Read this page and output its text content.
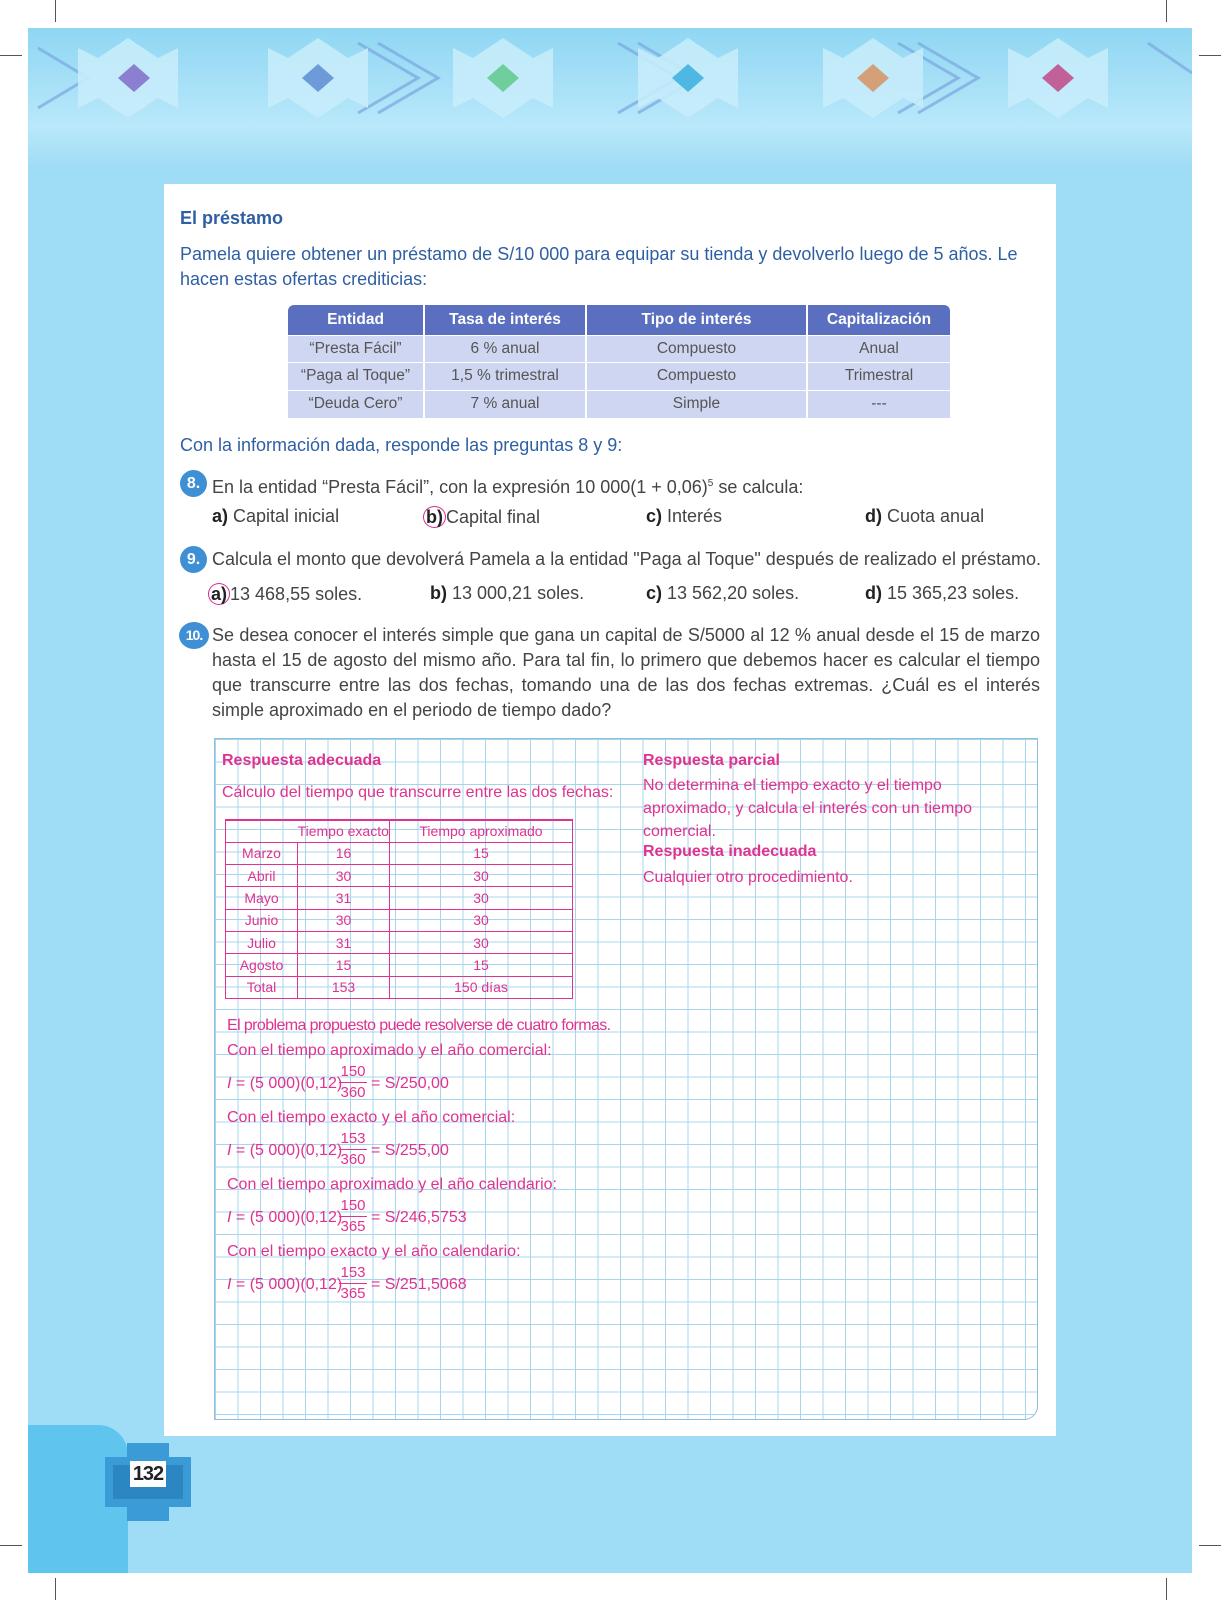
132
El préstamo
Pamela quiere obtener un préstamo de S/10 000 para equipar su tienda y devolverlo luego de 5 años. Le hacen estas ofertas crediticias:
Entidad	Tasa de interés	Tipo de interés	Capitalización
“Presta Fácil”	6 % anual	Compuesto	Anual
“Paga al Toque”	1,5 % trimestral	Compuesto	Trimestral
“Deuda Cero”	7 % anual	Simple	---
Con la información dada, responde las preguntas 8 y 9:
8. En la entidad “Presta Fácil”, con la expresión 10 $000(1 + 0,06)^5$ se calcula:
a) Capital inicial	b) Capital final	c) Interés	d) Cuota anual
9. Calcula el monto que devolverá Pamela a la entidad "Paga al Toque" después de realizado el préstamo.
a) 13 468,55 soles.	b) 13 000,21 soles.	c) 13 562,20 soles.	d) 15 365,23 soles.
10. Se desea conocer el interés simple que gana un capital de S/5000 al 12 % anual desde el 15 de marzo hasta el 15 de agosto del mismo año. Para tal fin, lo primero que debemos hacer es calcular el tiempo que transcurre entre las dos fechas, tomando una de las dos fechas extremas. ¿Cuál es el interés simple aproximado en el periodo de tiempo dado?
Respuesta adecuada
Cálculo del tiempo que transcurre entre las dos fechas:
	Tiempo exacto	Tiempo aproximado
Marzo	16	15
Abril	30	30
Mayo	31	30
Junio	30	30
Julio	31	30
Agosto	15	15
Total	153	150 días
El problema propuesto puede resolverse de cuatro formas.
Con el tiempo aproximado y el año comercial:
I = (5 000)(0,12)
$\frac{150}{360} = S/250,00$
Con el tiempo exacto y el año comercial:
I = (5 000)(0,12)
$\frac{153}{360} = S/255,00$
Con el tiempo aproximado y el año calendario:
I = (5 000)(0,12)
$\frac{150}{365} = S/246,5753$
Con el tiempo exacto y el año calendario:
I = (5 000)(0,12)
$\frac{153}{365} = S/251,5068$
Respuesta parcial
No determina el tiempo exacto y el tiempo aproximado, y calcula el interés con un tiempo comercial.
Respuesta inadecuada
Cualquier otro procedimiento.
